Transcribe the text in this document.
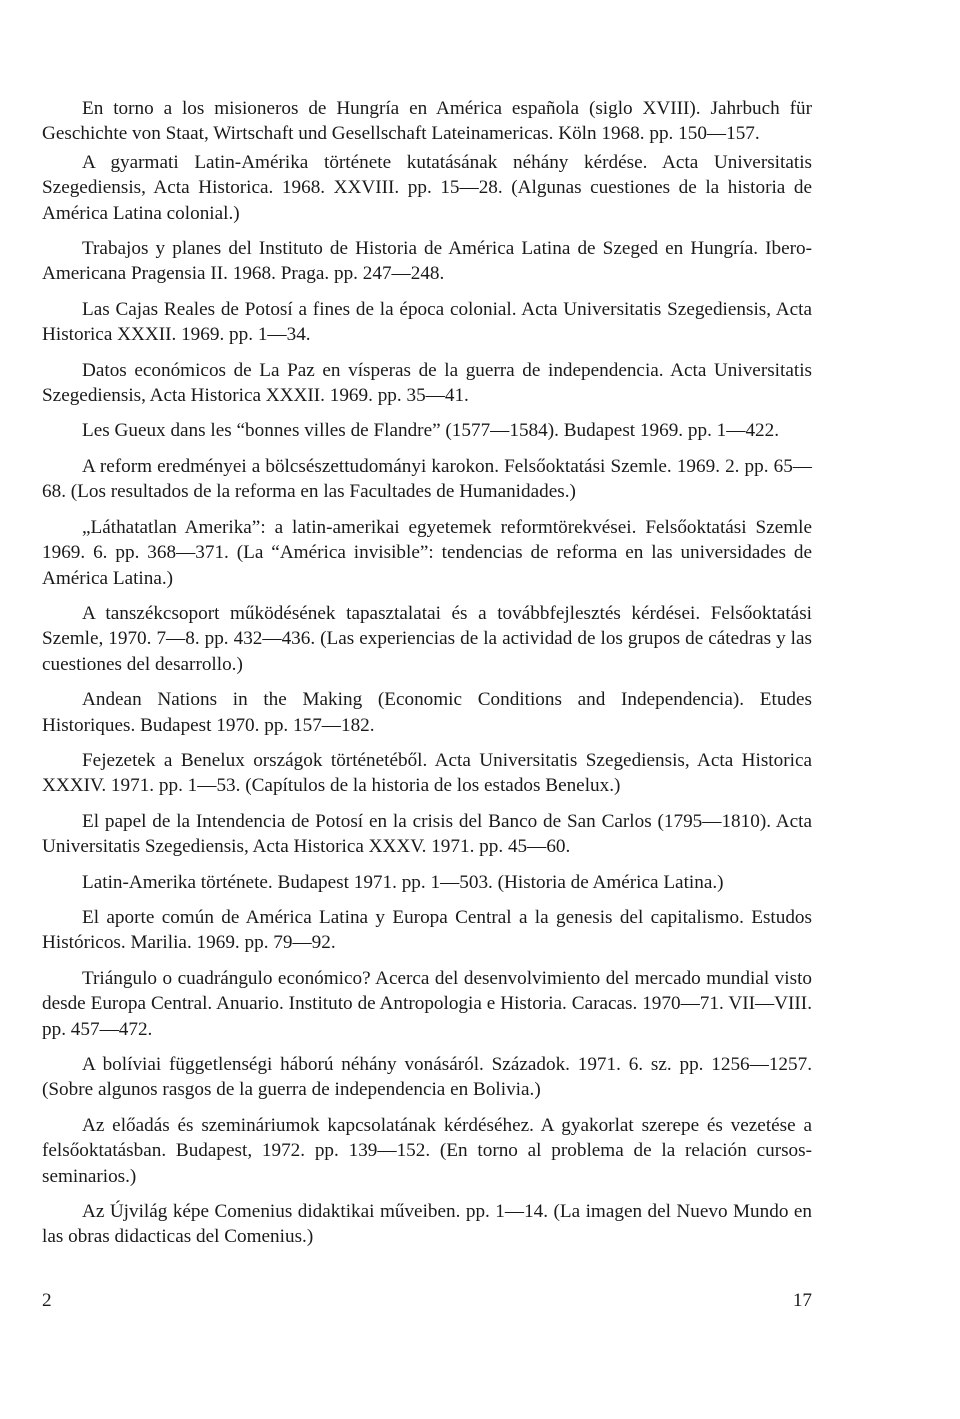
En torno a los misioneros de Hungría en América española (siglo XVIII). Jahrbuch für Geschichte von Staat, Wirtschaft und Gesellschaft Lateinamericas. Köln 1968. pp. 150—157.

A gyarmati Latin-Amérika története kutatásának néhány kérdése. Acta Universitatis Szegediensis, Acta Historica. 1968. XXVIII. pp. 15—28. (Algunas cuestiones de la historia de América Latina colonial.)

Trabajos y planes del Instituto de Historia de América Latina de Szeged en Hungría. Ibero-Americana Pragensia II. 1968. Praga. pp. 247—248.

Las Cajas Reales de Potosí a fines de la época colonial. Acta Universitatis Szegediensis, Acta Historica XXXII. 1969. pp. 1—34.

Datos económicos de La Paz en vísperas de la guerra de independencia. Acta Universitatis Szegediensis, Acta Historica XXXII. 1969. pp. 35—41.

Les Gueux dans les “bonnes villes de Flandre” (1577—1584). Budapest 1969. pp. 1—422.

A reform eredményei a bölcsészettudományi karokon. Felsőoktatási Szemle. 1969. 2. pp. 65—68. (Los resultados de la reforma en las Facultades de Humanidades.)

„Láthatatlan Amerika”: a latin-amerikai egyetemek reformtörekvései. Felsőoktatási Szemle 1969. 6. pp. 368—371. (La “América invisible”: tendencias de reforma en las universidades de América Latina.)

A tanszékcsoport működésének tapasztalatai és a továbbfejlesztés kérdései. Felsőoktatási Szemle, 1970. 7—8. pp. 432—436. (Las experiencias de la actividad de los grupos de cátedras y las cuestiones del desarrollo.)

Andean Nations in the Making (Economic Conditions and Independencia). Etudes Historiques. Budapest 1970. pp. 157—182.

Fejezetek a Benelux országok történetéből. Acta Universitatis Szegediensis, Acta Historica XXXIV. 1971. pp. 1—53. (Capítulos de la historia de los estados Benelux.)

El papel de la Intendencia de Potosí en la crisis del Banco de San Carlos (1795—1810). Acta Universitatis Szegediensis, Acta Historica XXXV. 1971. pp. 45—60.

Latin-Amerika története. Budapest 1971. pp. 1—503. (Historia de América Latina.)

El aporte común de América Latina y Europa Central a la genesis del capitalismo. Estudos Históricos. Marilia. 1969. pp. 79—92.

Triángulo o cuadrángulo económico? Acerca del desenvolvimiento del mercado mundial visto desde Europa Central. Anuario. Instituto de Antropologia e Historia. Caracas. 1970—71. VII—VIII. pp. 457—472.

A bolíviai függetlenségi háború néhány vonásáról. Századok. 1971. 6. sz. pp. 1256—1257. (Sobre algunos rasgos de la guerra de independencia en Bolivia.)

Az előadás és szemináriumok kapcsolatának kérdéséhez. A gyakorlat szerepe és vezetése a felsőoktatásban. Budapest, 1972. pp. 139—152. (En torno al problema de la relación cursos-seminarios.)

Az Újvilág képe Comenius didaktikai műveiben. pp. 1—14. (La imagen del Nuevo Mundo en las obras didacticas del Comenius.)

2	17
